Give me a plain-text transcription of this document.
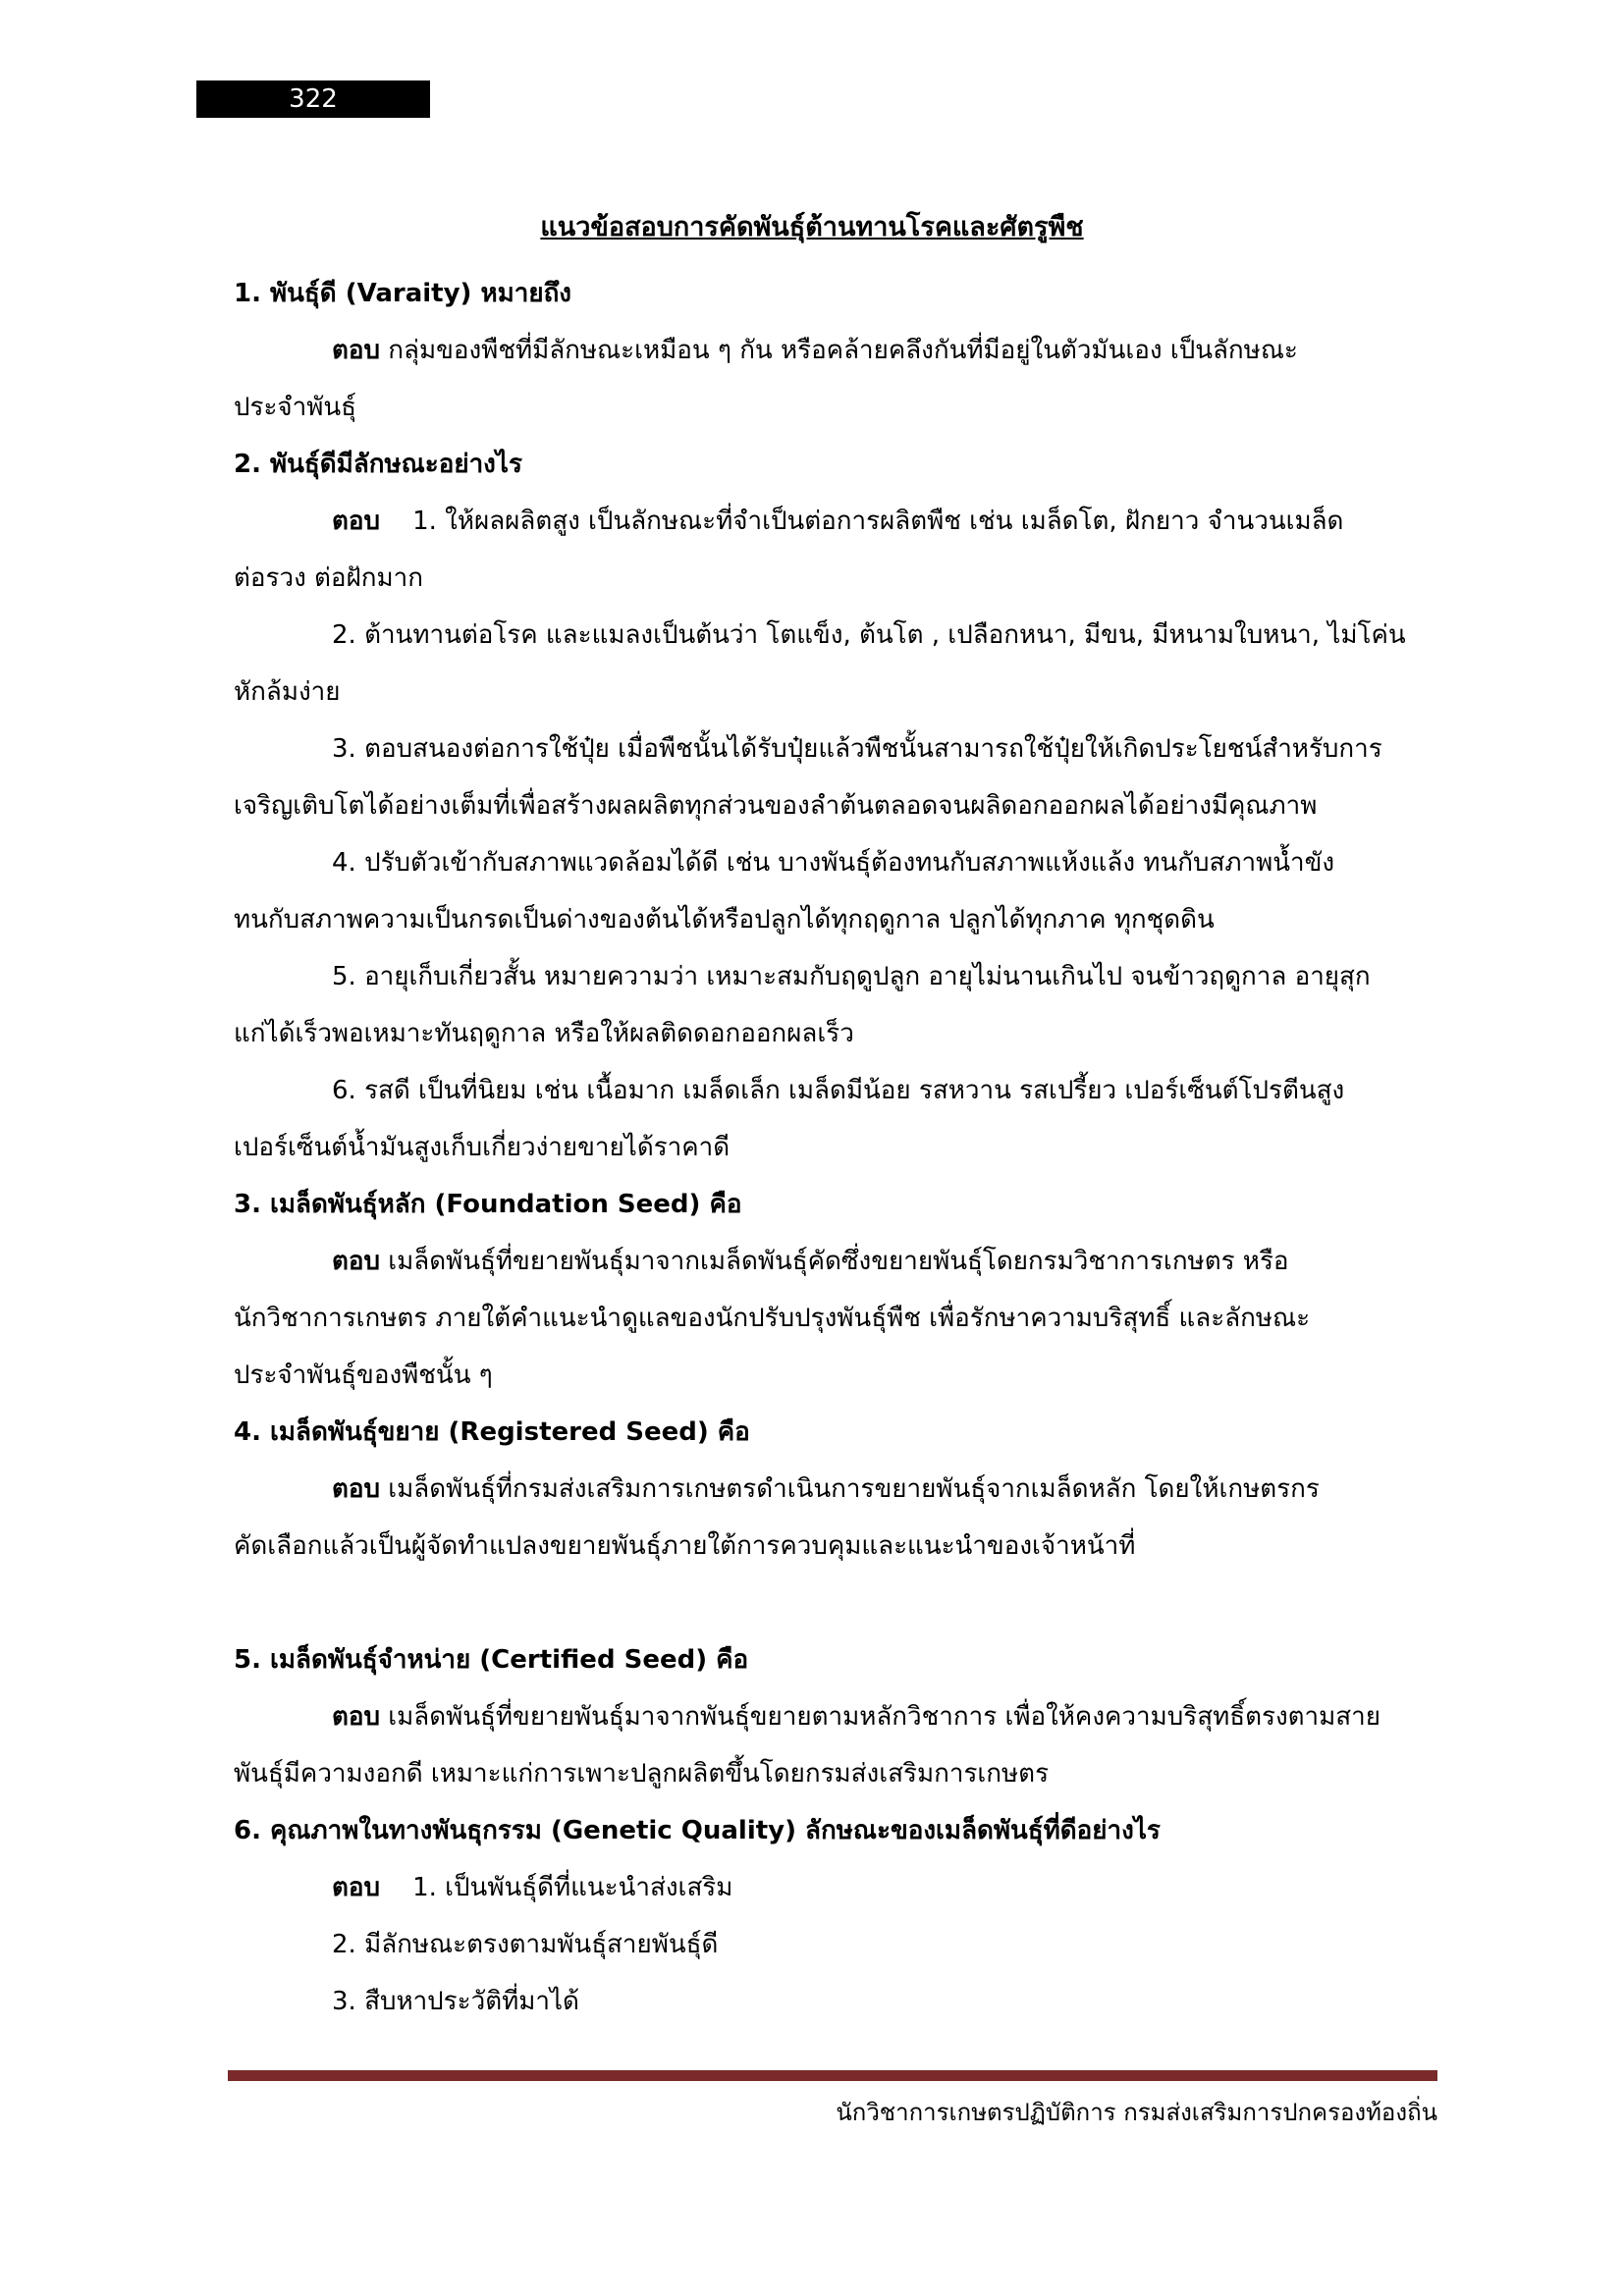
322
แนวข้อสอบการคัดพันธุ์ต้านทานโรคและศัตรูพืช
1. พันธุ์ดี (Varaity) หมายถึง
ตอบ กลุ่มของพืชที่มีลักษณะเหมือน ๆ กัน หรือคล้ายคลึงกันที่มีอยู่ในตัวมันเอง เป็นลักษณะ
ประจำพันธุ์
2. พันธุ์ดีมีลักษณะอย่างไร
ตอบ 1. ให้ผลผลิตสูง เป็นลักษณะที่จำเป็นต่อการผลิตพืช เช่น เมล็ดโต, ฝักยาว จำนวนเมล็ด
ต่อรวง ต่อฝักมาก
2. ต้านทานต่อโรค และแมลงเป็นต้นว่า โตแข็ง, ต้นโต , เปลือกหนา, มีขน, มีหนามใบหนา, ไม่โค่น
หักล้มง่าย
3. ตอบสนองต่อการใช้ปุ๋ย เมื่อพืชนั้นได้รับปุ๋ยแล้วพืชนั้นสามารถใช้ปุ๋ยให้เกิดประโยชน์สำหรับการ
เจริญเติบโตได้อย่างเต็มที่เพื่อสร้างผลผลิตทุกส่วนของลำต้นตลอดจนผลิดอกออกผลได้อย่างมีคุณภาพ
4. ปรับตัวเข้ากับสภาพแวดล้อมได้ดี เช่น บางพันธุ์ต้องทนกับสภาพแห้งแล้ง ทนกับสภาพน้ำขัง
ทนกับสภาพความเป็นกรดเป็นด่างของต้นได้หรือปลูกได้ทุกฤดูกาล ปลูกได้ทุกภาค ทุกชุดดิน
5. อายุเก็บเกี่ยวสั้น หมายความว่า เหมาะสมกับฤดูปลูก อายุไม่นานเกินไป จนข้าวฤดูกาล อายุสุก
แก่ได้เร็วพอเหมาะทันฤดูกาล หรือให้ผลติดดอกออกผลเร็ว
6. รสดี เป็นที่นิยม เช่น เนื้อมาก เมล็ดเล็ก เมล็ดมีน้อย รสหวาน รสเปรี้ยว เปอร์เซ็นต์โปรตีนสูง
เปอร์เซ็นต์น้ำมันสูงเก็บเกี่ยวง่ายขายได้ราคาดี
3. เมล็ดพันธุ์หลัก (Foundation Seed) คือ
ตอบ เมล็ดพันธุ์ที่ขยายพันธุ์มาจากเมล็ดพันธุ์คัดซึ่งขยายพันธุ์โดยกรมวิชาการเกษตร หรือ
นักวิชาการเกษตร ภายใต้คำแนะนำดูแลของนักปรับปรุงพันธุ์พืช เพื่อรักษาความบริสุทธิ์ และลักษณะ
ประจำพันธุ์ของพืชนั้น ๆ
4. เมล็ดพันธุ์ขยาย (Registered Seed) คือ
ตอบ เมล็ดพันธุ์ที่กรมส่งเสริมการเกษตรดำเนินการขยายพันธุ์จากเมล็ดหลัก โดยให้เกษตรกร
คัดเลือกแล้วเป็นผู้จัดทำแปลงขยายพันธุ์ภายใต้การควบคุมและแนะนำของเจ้าหน้าที่
5. เมล็ดพันธุ์จำหน่าย (Certified Seed) คือ
ตอบ เมล็ดพันธุ์ที่ขยายพันธุ์มาจากพันธุ์ขยายตามหลักวิชาการ เพื่อให้คงความบริสุทธิ์ตรงตามสาย
พันธุ์มีความงอกดี เหมาะแก่การเพาะปลูกผลิตขึ้นโดยกรมส่งเสริมการเกษตร
6. คุณภาพในทางพันธุกรรม (Genetic Quality) ลักษณะของเมล็ดพันธุ์ที่ดีอย่างไร
ตอบ 1. เป็นพันธุ์ดีที่แนะนำส่งเสริม
2. มีลักษณะตรงตามพันธุ์สายพันธุ์ดี
3. สืบหาประวัติที่มาได้
นักวิชาการเกษตรปฏิบัติการ กรมส่งเสริมการปกครองท้องถิ่น
